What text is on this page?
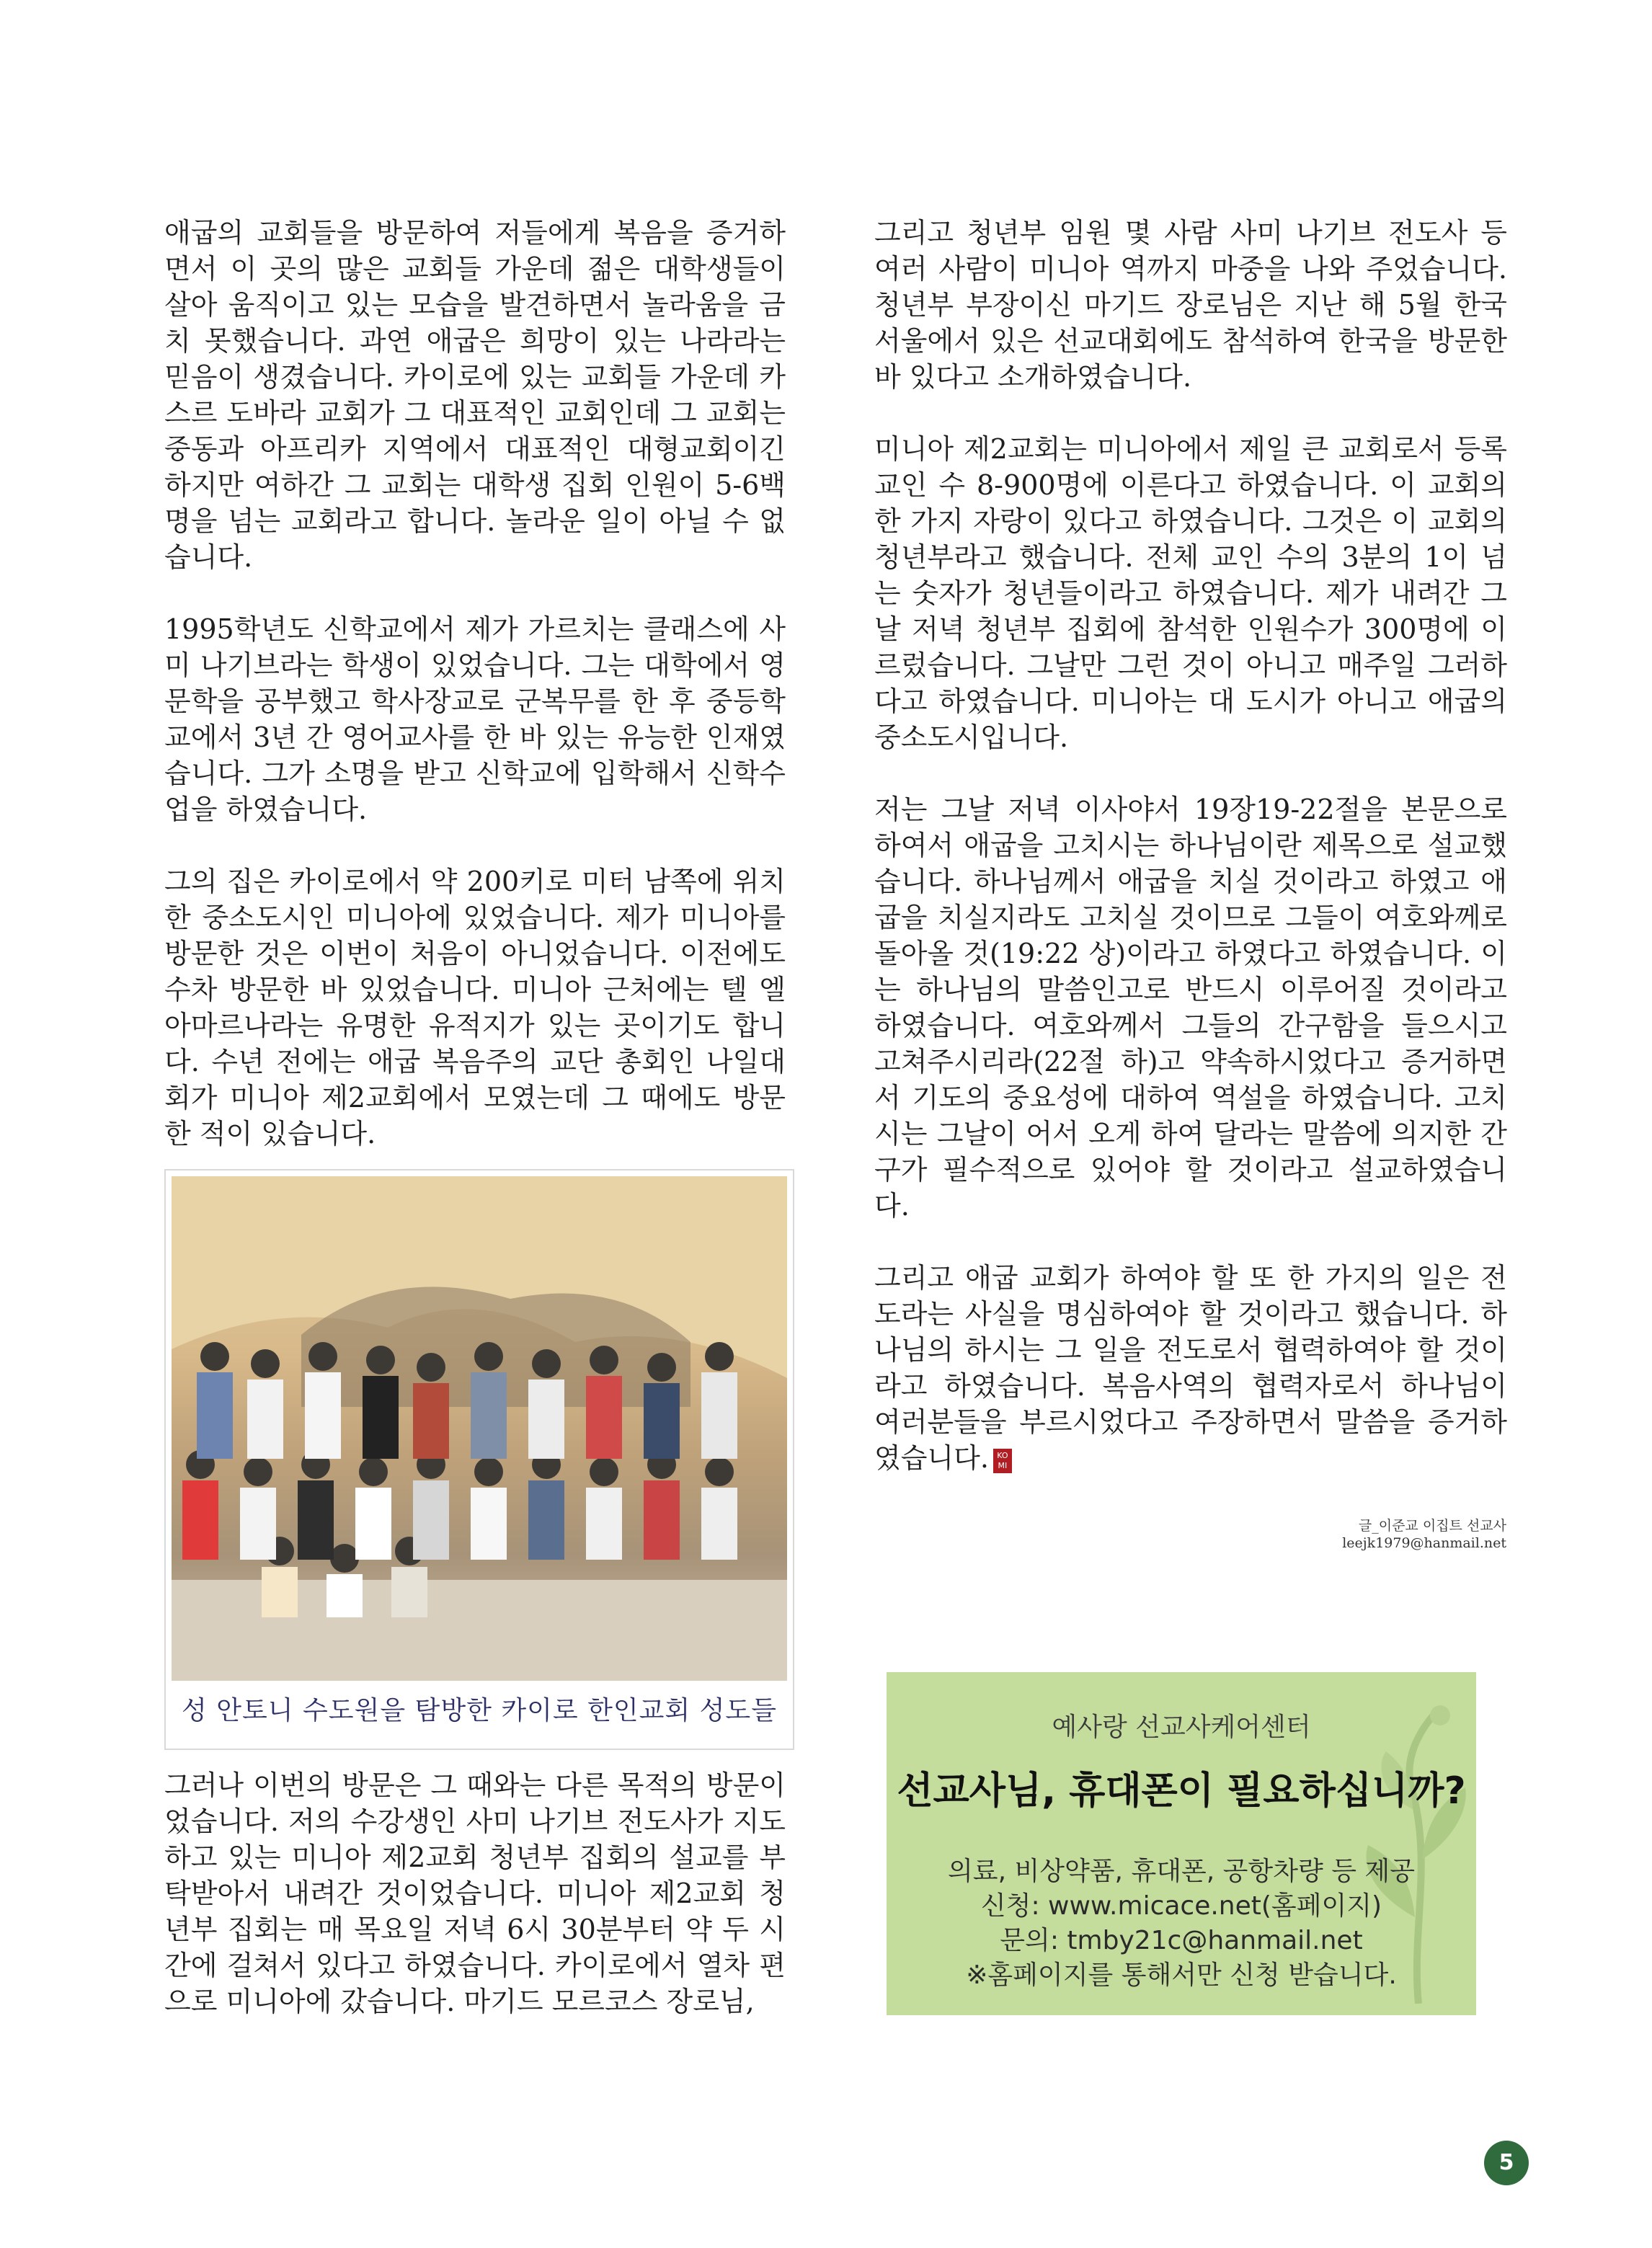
애굽의 교회들을 방문하여 저들에게 복음을 증거하면서 이 곳의 많은 교회들 가운데 젊은 대학생들이 살아 움직이고 있는 모습을 발견하면서 놀라움을 금치 못했습니다. 과연 애굽은 희망이 있는 나라라는 믿음이 생겼습니다. 카이로에 있는 교회들 가운데 카스르 도바라 교회가 그 대표적인 교회인데 그 교회는 중동과 아프리카 지역에서 대표적인 대형교회이긴 하지만 여하간 그 교회는 대학생 집회 인원이 5-6백명을 넘는 교회라고 합니다. 놀라운 일이 아닐 수 없습니다.

1995학년도 신학교에서 제가 가르치는 클래스에 사미 나기브라는 학생이 있었습니다. 그는 대학에서 영문학을 공부했고 학사장교로 군복무를 한 후 중등학교에서 3년 간 영어교사를 한 바 있는 유능한 인재였습니다. 그가 소명을 받고 신학교에 입학해서 신학수업을 하였습니다.

그의 집은 카이로에서 약 200키로 미터 남쪽에 위치한 중소도시인 미니아에 있었습니다. 제가 미니아를 방문한 것은 이번이 처음이 아니었습니다. 이전에도 수차 방문한 바 있었습니다. 미니아 근처에는 텔 엘 아마르나라는 유명한 유적지가 있는 곳이기도 합니다. 수년 전에는 애굽 복음주의 교단 총회인 나일대회가 미니아 제2교회에서 모였는데 그 때에도 방문한 적이 있습니다.

성 안토니 수도원을 탐방한 카이로 한인교회 성도들

그러나 이번의 방문은 그 때와는 다른 목적의 방문이었습니다. 저의 수강생인 사미 나기브 전도사가 지도하고 있는 미니아 제2교회 청년부 집회의 설교를 부탁받아서 내려간 것이었습니다. 미니아 제2교회 청년부 집회는 매 목요일 저녁 6시 30분부터 약 두 시간에 걸쳐서 있다고 하였습니다. 카이로에서 열차 편으로 미니아에 갔습니다. 마기드 모르코스 장로님,

그리고 청년부 임원 몇 사람 사미 나기브 전도사 등 여러 사람이 미니아 역까지 마중을 나와 주었습니다. 청년부 부장이신 마기드 장로님은 지난 해 5월 한국 서울에서 있은 선교대회에도 참석하여 한국을 방문한 바 있다고 소개하였습니다.

미니아 제2교회는 미니아에서 제일 큰 교회로서 등록교인 수 8-900명에 이른다고 하였습니다. 이 교회의 한 가지 자랑이 있다고 하였습니다. 그것은 이 교회의 청년부라고 했습니다. 전체 교인 수의 3분의 1이 넘는 숫자가 청년들이라고 하였습니다. 제가 내려간 그날 저녁 청년부 집회에 참석한 인원수가 300명에 이르렀습니다. 그날만 그런 것이 아니고 매주일 그러하다고 하였습니다. 미니아는 대 도시가 아니고 애굽의 중소도시입니다.

저는 그날 저녁 이사야서 19장19-22절을 본문으로 하여서 애굽을 고치시는 하나님이란 제목으로 설교했습니다. 하나님께서 애굽을 치실 것이라고 하였고 애굽을 치실지라도 고치실 것이므로 그들이 여호와께로 돌아올 것(19:22 상)이라고 하였다고 하였습니다. 이는 하나님의 말씀인고로 반드시 이루어질 것이라고 하였습니다. 여호와께서 그들의 간구함을 들으시고 고쳐주시리라(22절 하)고 약속하시었다고 증거하면서 기도의 중요성에 대하여 역설을 하였습니다. 고치시는 그날이 어서 오게 하여 달라는 말씀에 의지한 간구가 필수적으로 있어야 할 것이라고 설교하였습니다.

그리고 애굽 교회가 하여야 할 또 한 가지의 일은 전도라는 사실을 명심하여야 할 것이라고 했습니다. 하나님의 하시는 그 일을 전도로서 협력하여야 할 것이라고 하였습니다. 복음사역의 협력자로서 하나님이 여러분들을 부르시었다고 주장하면서 말씀을 증거하였습니다. KO MI

글_이준교 이집트 선교사
leejk1979@hanmail.net
예사랑 선교사케어센터
선교사님, 휴대폰이 필요하십니까?
의료, 비상약품, 휴대폰, 공항차량 등 제공
신청: www.micace.net(홈페이지)
문의: tmby21c@hanmail.net
※홈페이지를 통해서만 신청 받습니다.
5
